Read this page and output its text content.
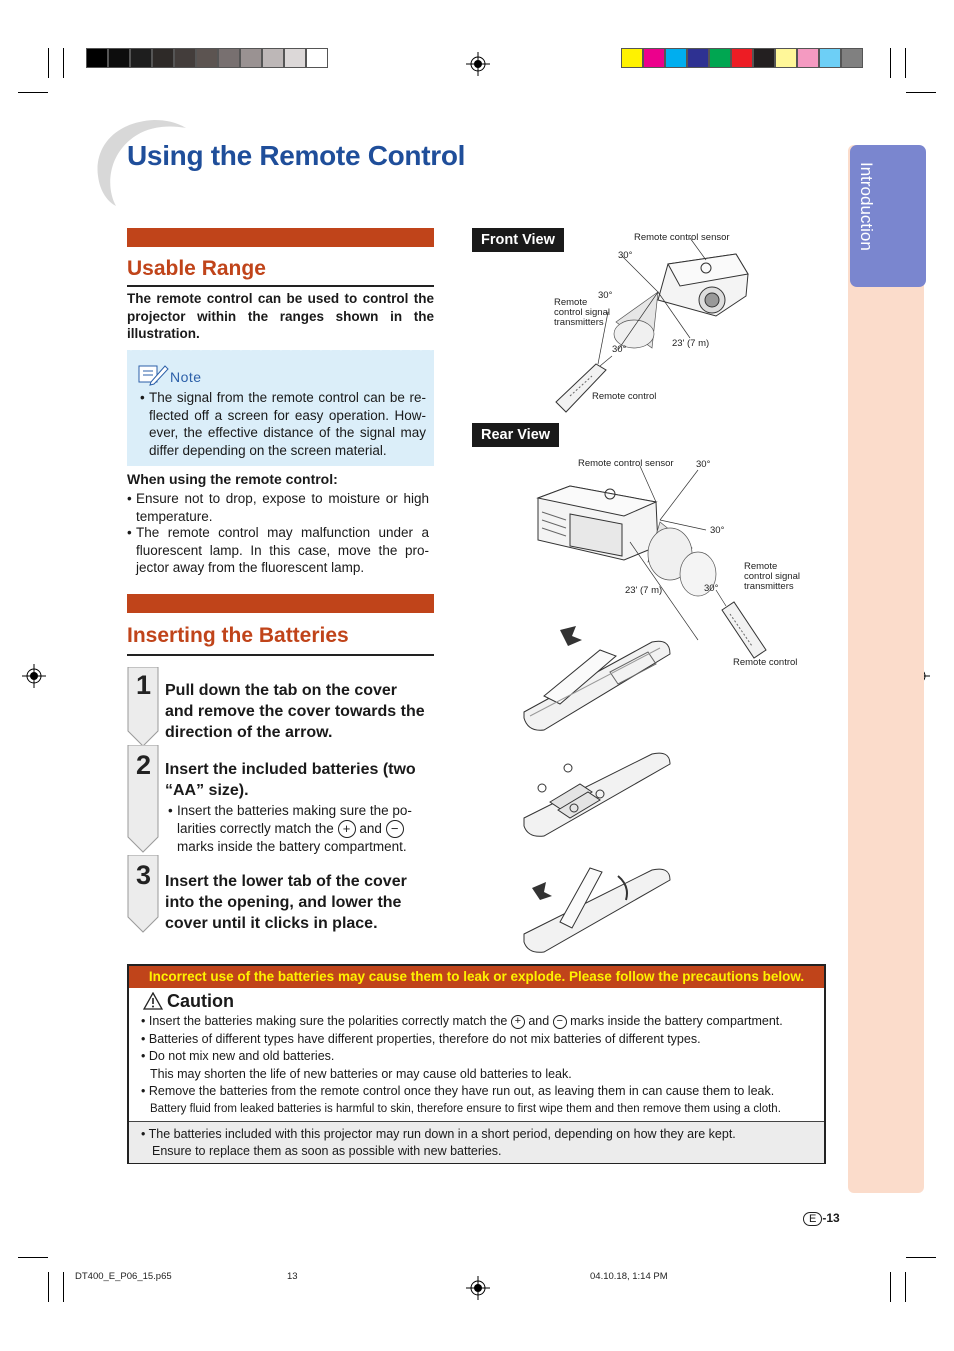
Using the Remote Control
Introduction
Usable Range
The remote control can be used to control the projector within the ranges shown in the illustration.
Note
• The signal from the remote control can be re-flected off a screen for easy operation. How-ever, the effective distance of the signal may differ depending on the screen material.
When using the remote control:
• Ensure not to drop, expose to moisture or high temperature.
• The remote control may malfunction under a fluorescent lamp. In this case, move the pro-jector away from the fluorescent lamp.
Inserting the Batteries
1 Pull down the tab on the cover and remove the cover towards the direction of the arrow.
2 Insert the included batteries (two “AA” size).
• Insert the batteries making sure the po-larities correctly match the + and − marks inside the battery compartment.
3 Insert the lower tab of the cover into the opening, and lower the cover until it clicks in place.
Front View	Remote control sensor
30°
30°
30°
Remote control signal transmitters
23' (7 m)
Remote control
Rear View
Remote control sensor 30°
30°
30°
Remote control signal transmitters
23' (7 m)
Remote control
Incorrect use of the batteries may cause them to leak or explode. Please follow the precautions below.
Caution
• Insert the batteries making sure the polarities correctly match the + and − marks inside the battery compartment.
• Batteries of different types have different properties, therefore do not mix batteries of different types.
• Do not mix new and old batteries.
This may shorten the life of new batteries or may cause old batteries to leak.
• Remove the batteries from the remote control once they have run out, as leaving them in can cause them to leak.
Battery fluid from leaked batteries is harmful to skin, therefore ensure to first wipe them and then remove them using a cloth.
• The batteries included with this projector may run down in a short period, depending on how they are kept.
Ensure to replace them as soon as possible with new batteries.
E -13
DT400_E_P06_15.p65	13	04.10.18, 1:14 PM
